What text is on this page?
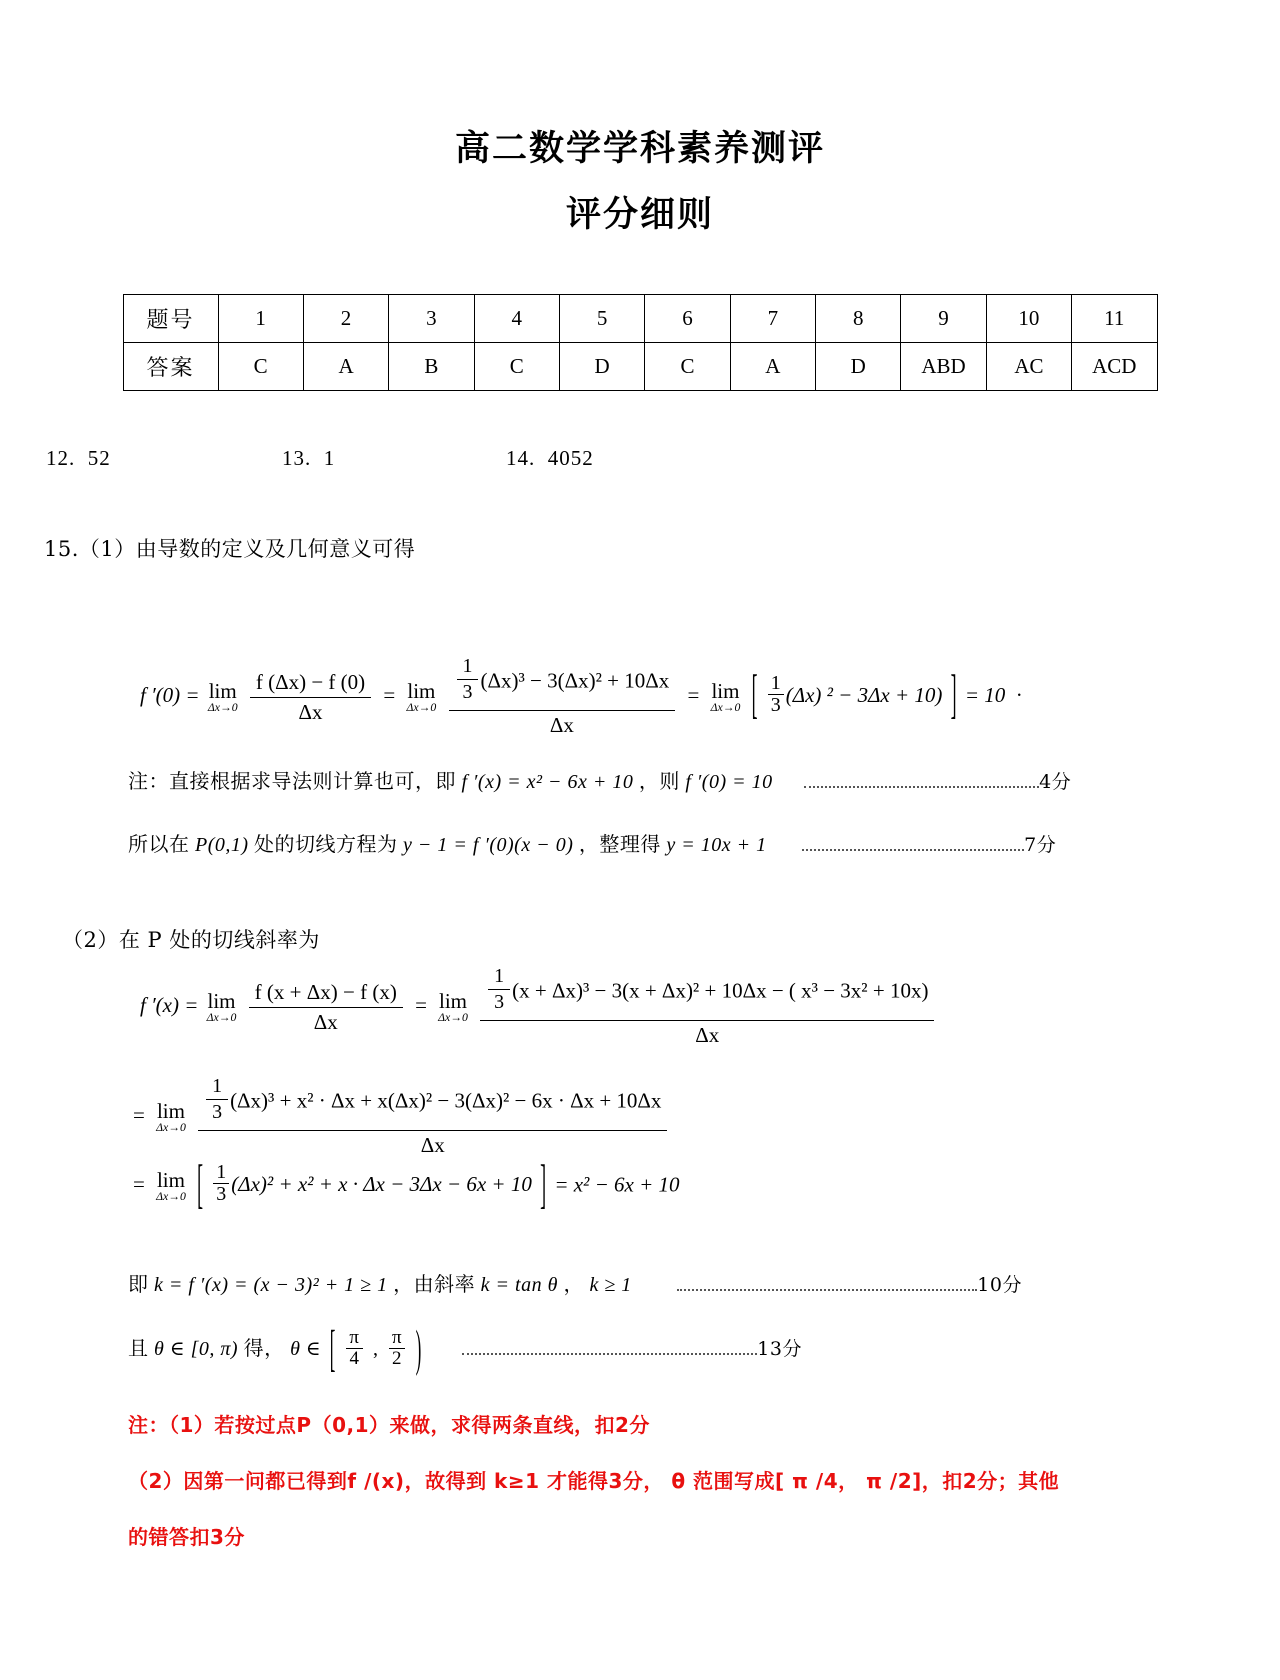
高二数学学科素养测评
评分细则
题号	1	2	3	4	5	6	7	8	9	10	11
答案	C	A	B	C	D	C	A	D	ABD	AC	ACD
12. 52	13. 1	14. 4052
15.（1）由导数的定义及几何意义可得
f ′(0) = lim
Δx→0
$\frac{f (\Delta x) - f (0)}{\Delta x} = \lim$
Δx→0
$\frac{\frac{1}{3} (\Delta x)^3 - 3(\Delta x)^2 + 10\Delta x}{\Delta x} = \lim$
Δx→0 [ $\frac{1}{3} (\Delta x) ^2 - 3\Delta x + 10$) ] = 10  ·
注：直接根据求导法则计算也可，即 f ′(x) = x² − 6x + 10 ，则 f ′(0) = 10	4分
所以在 P(0,1) 处的切线方程为 y − 1 = f ′(0)(x − 0) ，整理得 y = 10x + 1	7分
（2）在 P 处的切线斜率为
f ′(x) = lim
Δx→0
$\frac{f (x + \Delta x) - f (x)}{\Delta x} = \lim$
Δx→0
$\frac{\frac{1}{3} (x + \Delta x)^3 - 3(x + \Delta x)^2 + 10\Delta x - ( x^3 - 3x^2 + 10x)}{\Delta x}$
= lim
Δx→0
$\frac{\frac{1}{3} (\Delta x)^3 + x^2 \cdot \Delta x + x(\Delta x)^2 - 3(\Delta x)^2 - 6x \cdot \Delta x + 10\Delta x}{\Delta x}$
= lim
Δx→0 [ $\frac{1}{3} (\Delta x)^2 + x^2 + x \cdot \Delta x - 3\Delta x - 6x + 10$ ] = x² − 6x + 10
即 k = f ′(x) = (x − 3)² + 1 ≥ 1 ，由斜率 k = tan θ ， k ≥ 1	10分
且 θ ∈ [0, π) 得， θ ∈ [ $\frac{\pi}{4}$ , $\frac{\pi}{2}$ )	13分
注：（1）若按过点P（0,1）来做，求得两条直线，扣2分
（2）因第一问都已得到f /(x)，故得到 k≥1 才能得3分， θ 范围写成[ π /4， π /2]，扣2分；其他
的错答扣3分
